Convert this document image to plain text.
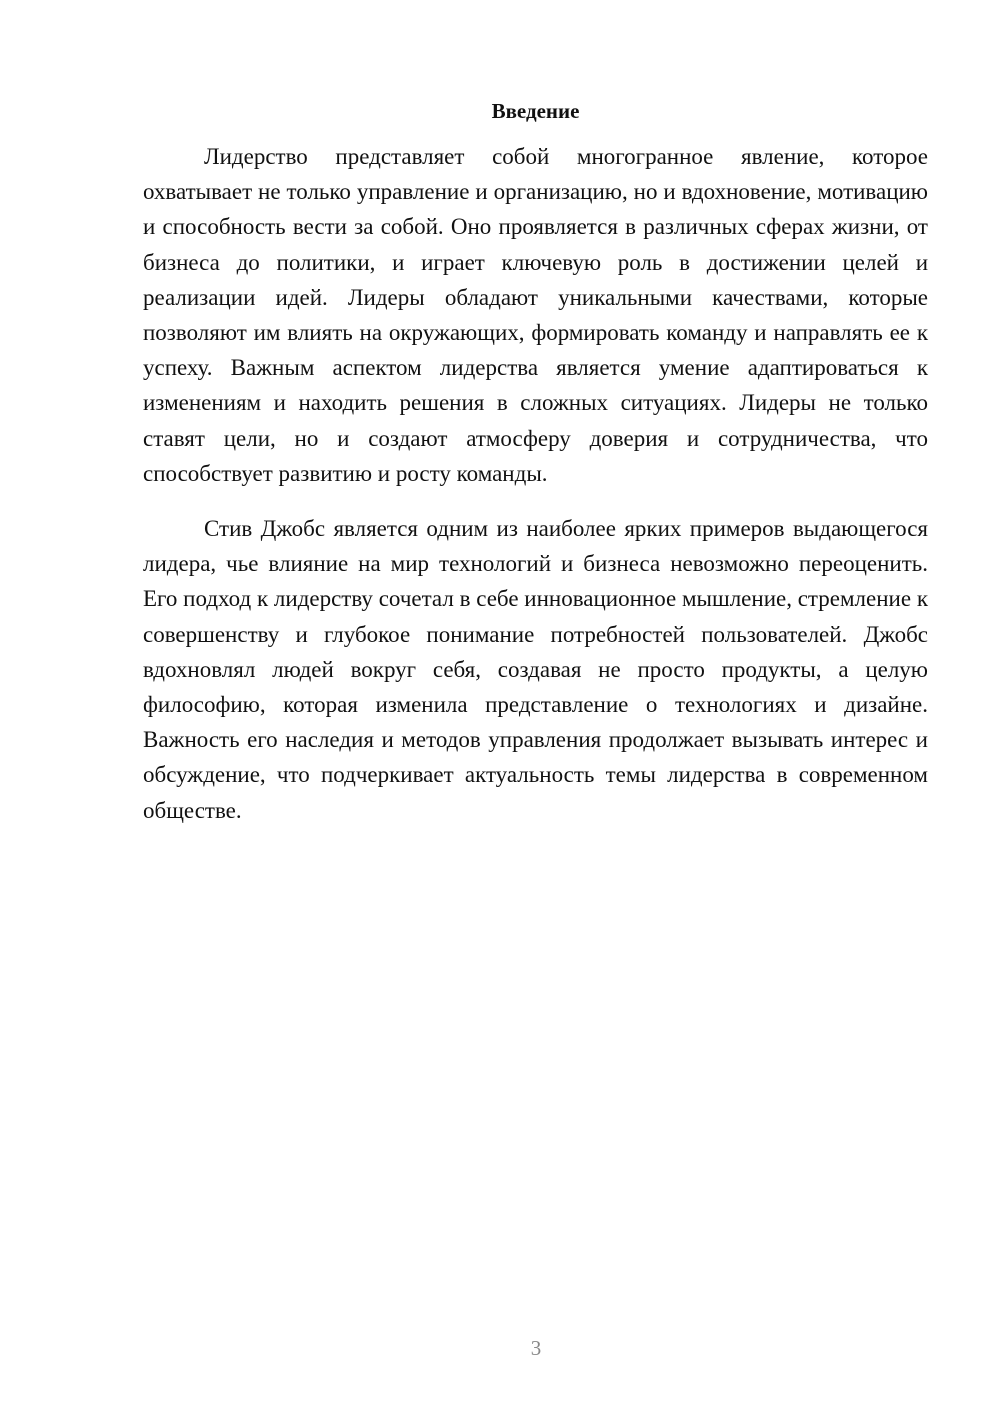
Введение

Лидерство представляет собой многогранное явление, которое охватывает не только управление и организацию, но и вдохновение, мотивацию и способность вести за собой. Оно проявляется в различных сферах жизни, от бизнеса до политики, и играет ключевую роль в достижении целей и реализации идей. Лидеры обладают уникальными качествами, которые позволяют им влиять на окружающих, формировать команду и направлять ее к успеху. Важным аспектом лидерства является умение адаптироваться к изменениям и находить решения в сложных ситуациях. Лидеры не только ставят цели, но и создают атмосферу доверия и сотрудничества, что способствует развитию и росту команды.

Стив Джобс является одним из наиболее ярких примеров выдающегося лидера, чье влияние на мир технологий и бизнеса невозможно переоценить. Его подход к лидерству сочетал в себе инновационное мышление, стремление к совершенству и глубокое понимание потребностей пользователей. Джобс вдохновлял людей вокруг себя, создавая не просто продукты, а целую философию, которая изменила представление о технологиях и дизайне. Важность его наследия и методов управления продолжает вызывать интерес и обсуждение, что подчеркивает актуальность темы лидерства в современном обществе.

3
